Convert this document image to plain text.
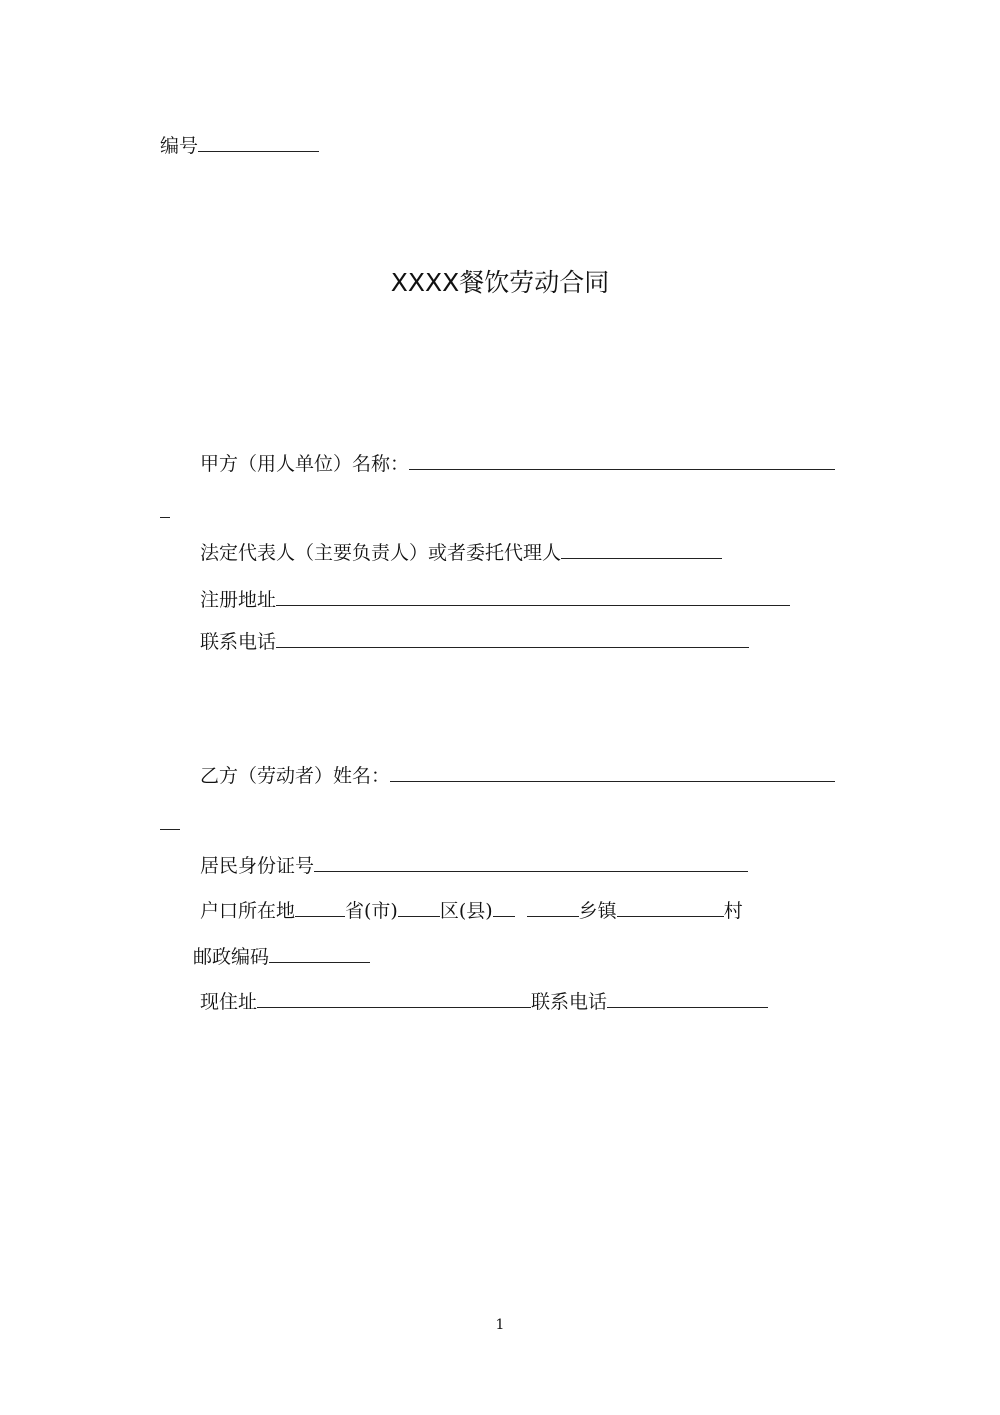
编号
XXXX餐饮劳动合同
甲方（用人单位）名称：
法定代表人（主要负责人）或者委托代理人
注册地址
联系电话
乙方（劳动者）姓名：
居民身份证号
户口所在地	省(市) 区(县)	乡镇	村
邮政编码
现住址	联系电话
1
